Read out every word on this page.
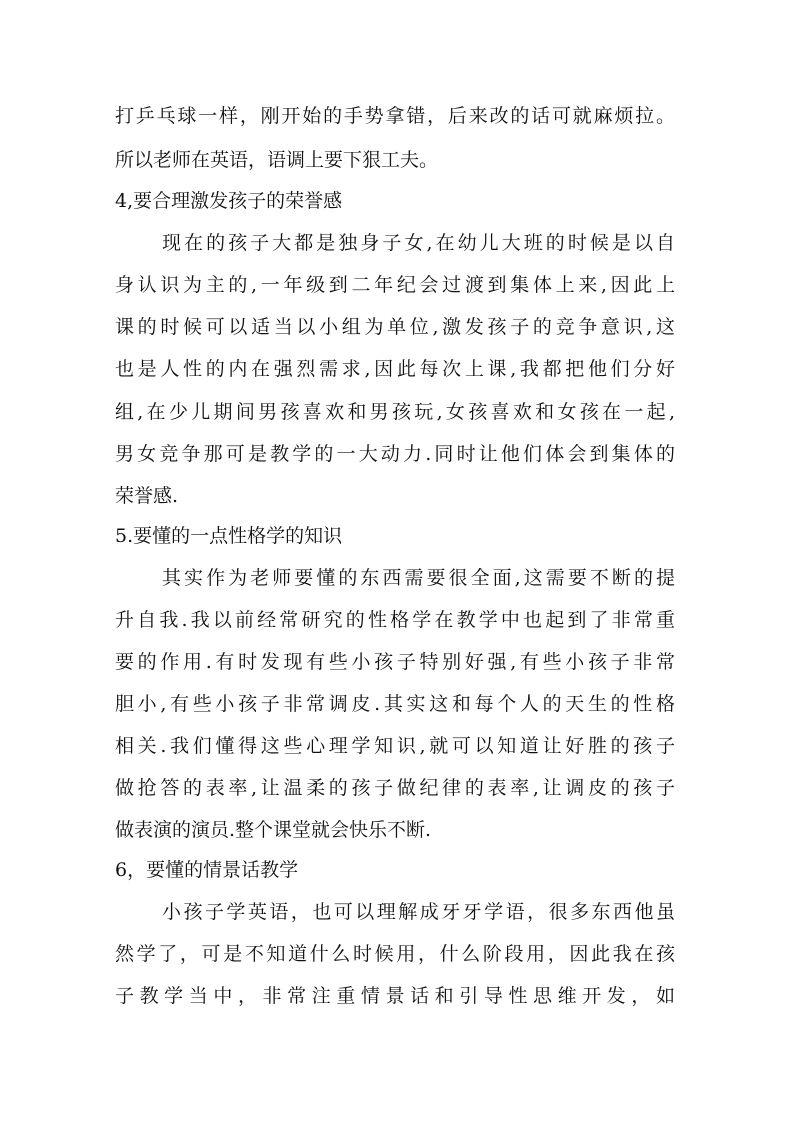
打乒乓球一样，刚开始的手势拿错，后来改的话可就麻烦拉。
所以老师在英语，语调上要下狠工夫。
4,要合理激发孩子的荣誉感
现在的孩子大都是独身子女,在幼儿大班的时候是以自
身认识为主的,一年级到二年纪会过渡到集体上来,因此上
课的时候可以适当以小组为单位,激发孩子的竞争意识,这
也是人性的内在强烈需求,因此每次上课,我都把他们分好
组,在少儿期间男孩喜欢和男孩玩,女孩喜欢和女孩在一起,
男女竞争那可是教学的一大动力.同时让他们体会到集体的
荣誉感.
5.要懂的一点性格学的知识
其实作为老师要懂的东西需要很全面,这需要不断的提
升自我.我以前经常研究的性格学在教学中也起到了非常重
要的作用.有时发现有些小孩子特别好强,有些小孩子非常
胆小,有些小孩子非常调皮.其实这和每个人的天生的性格
相关.我们懂得这些心理学知识,就可以知道让好胜的孩子
做抢答的表率,让温柔的孩子做纪律的表率,让调皮的孩子
做表演的演员.整个课堂就会快乐不断.
6，要懂的情景话教学
小孩子学英语，也可以理解成牙牙学语，很多东西他虽
然学了，可是不知道什么时候用，什么阶段用，因此我在孩
子教学当中，非常注重情景话和引导性思维开发，如
